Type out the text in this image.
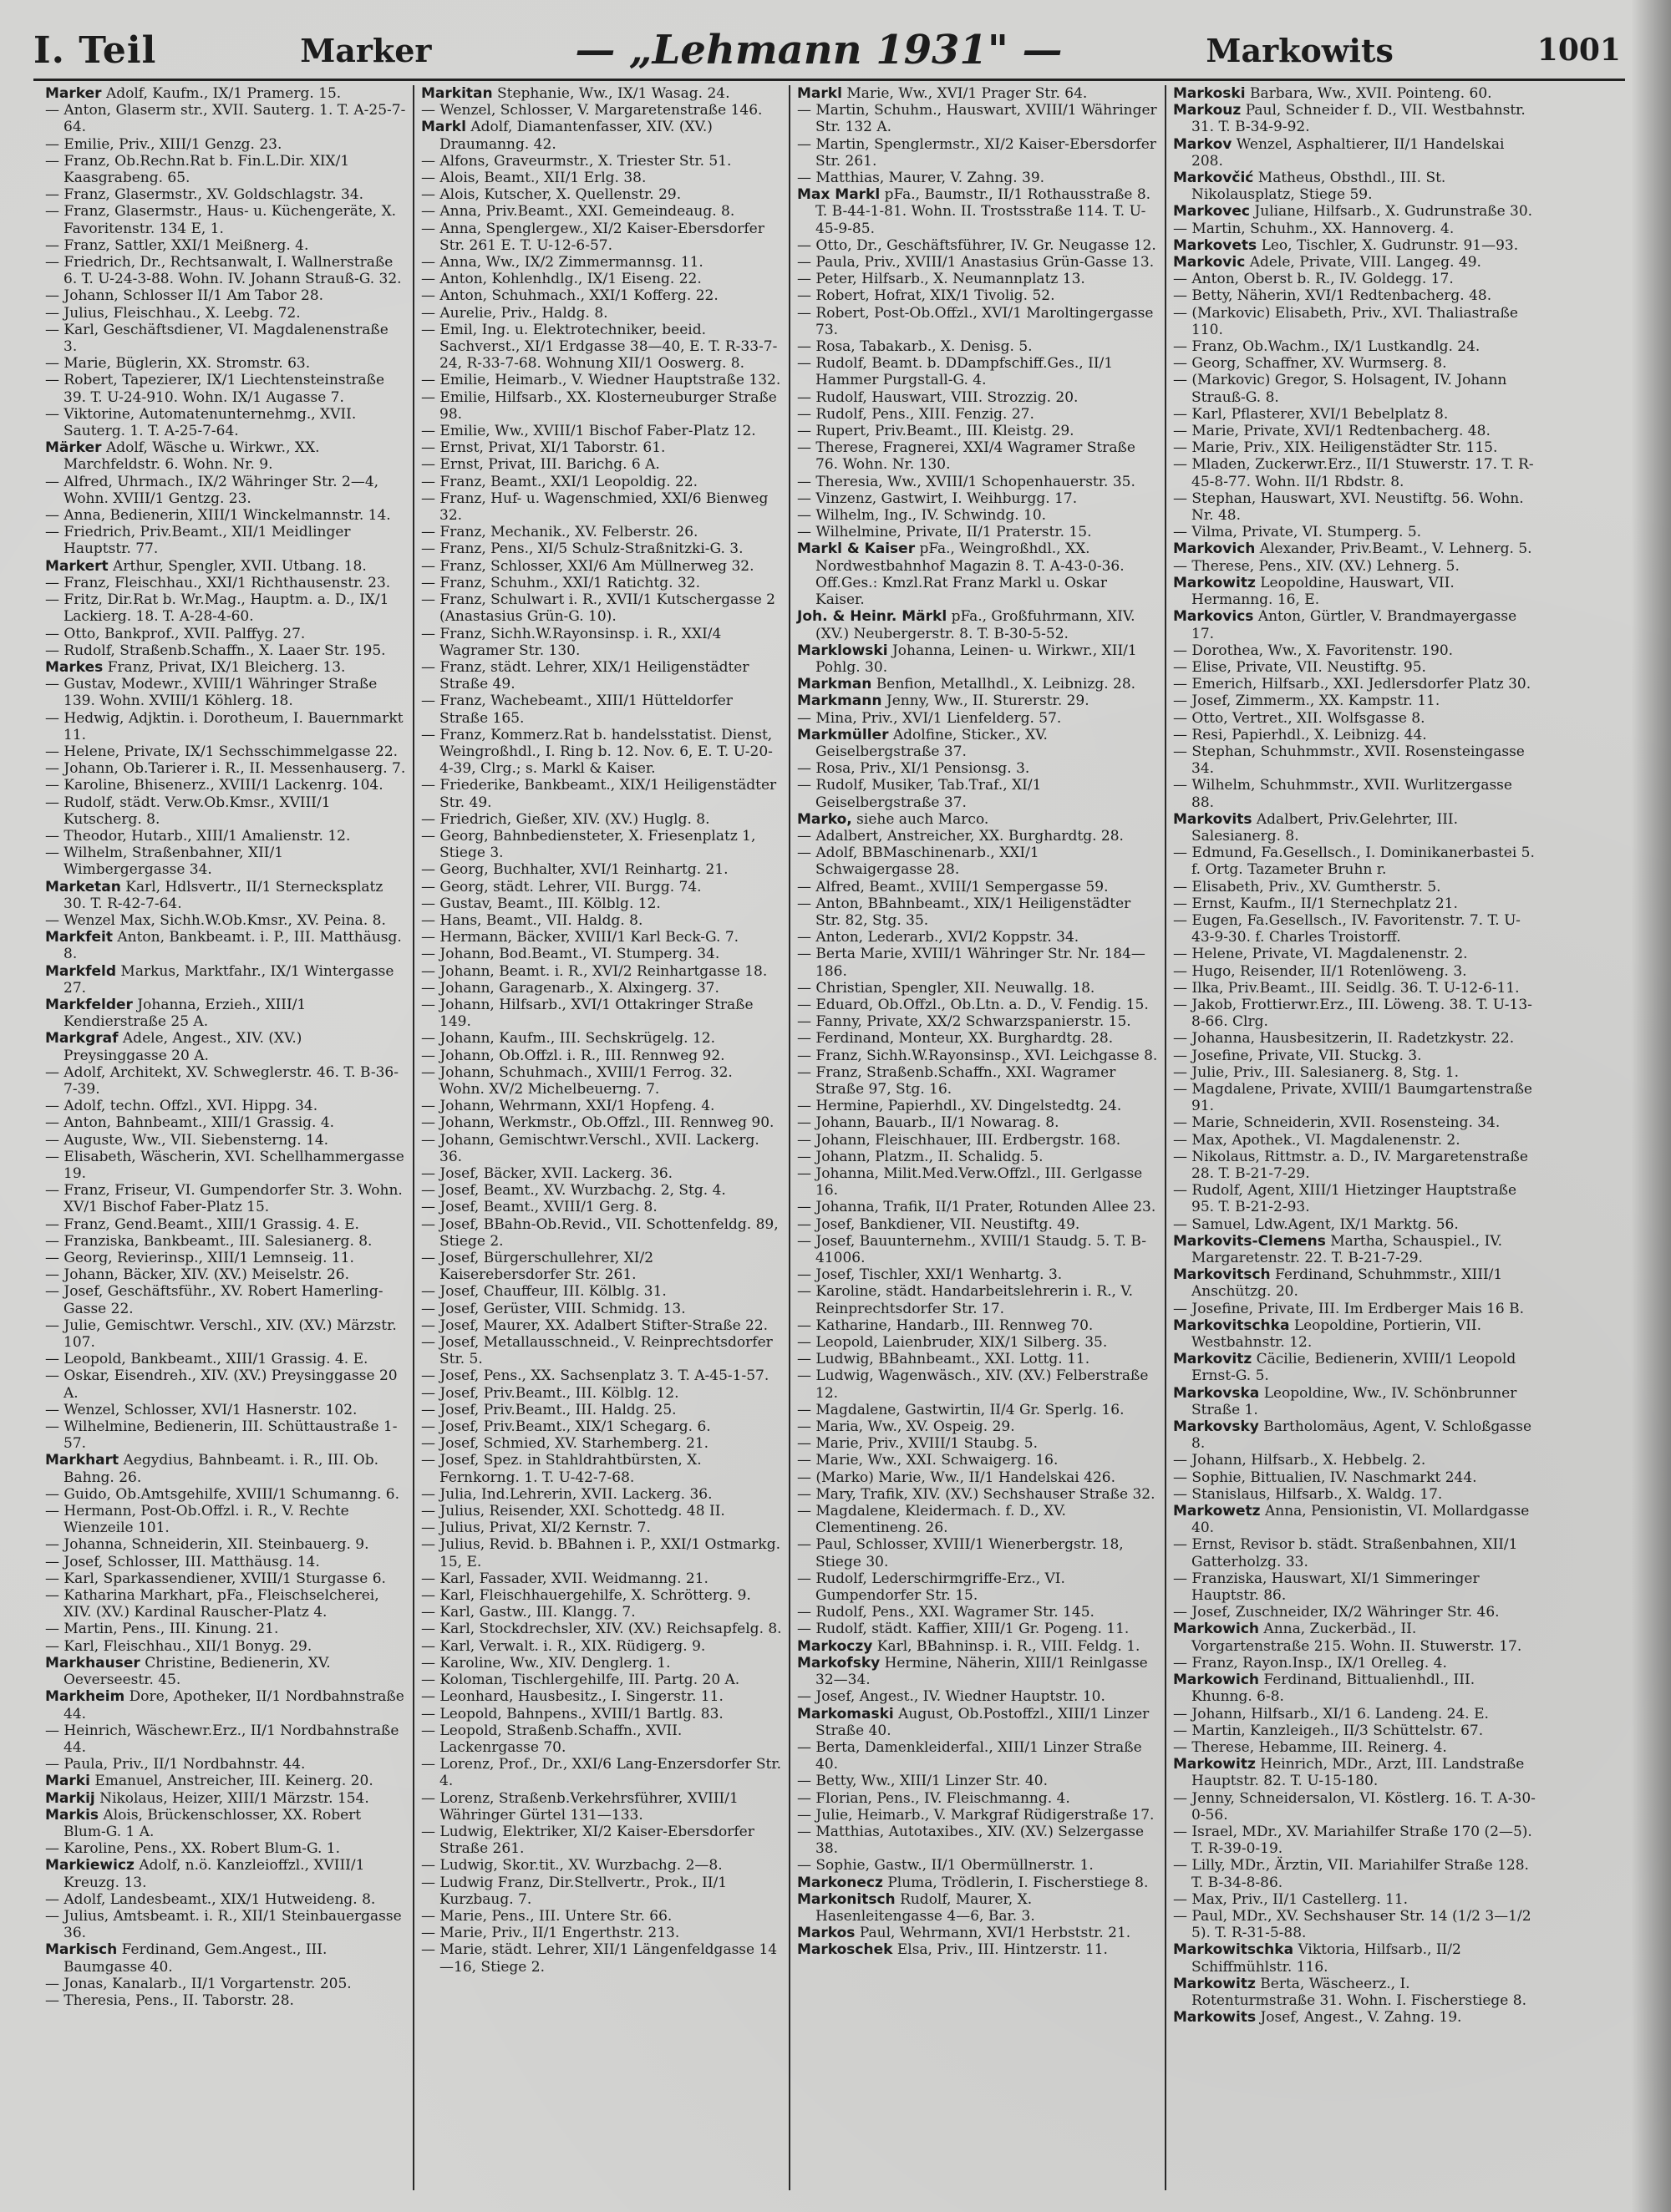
I. Teil	Marker	— „Lehmann 1931" —	Markowits	1001

Marker Adolf, Kaufm., IX/1 Pramerg. 15.

— Anton, Glaserm str., XVII. Sauterg. 1. T. A-25-7-64.

— Emilie, Priv., XIII/1 Genzg. 23.

— Franz, Ob.Rechn.Rat b. Fin.L.Dir. XIX/1 Kaasgrabeng. 65.

— Franz, Glasermstr., XV. Goldschlagstr. 34.

— Franz, Glasermstr., Haus- u. Küchengeräte, X. Favoritenstr. 134 E, 1.

— Franz, Sattler, XXI/1 Meißnerg. 4.

— Friedrich, Dr., Rechtsanwalt, I. Wallnerstraße 6. T. U-24-3-88. Wohn. IV. Johann Strauß-G. 32.

— Johann, Schlosser II/1 Am Tabor 28.

— Julius, Fleischhau., X. Leebg. 72.

— Karl, Geschäftsdiener, VI. Magdalenenstraße 3.

— Marie, Büglerin, XX. Stromstr. 63.

— Robert, Tapezierer, IX/1 Liechtensteinstraße 39. T. U-24-910. Wohn. IX/1 Augasse 7.

— Viktorine, Automatenunternehmg., XVII. Sauterg. 1. T. A-25-7-64.

Märker Adolf, Wäsche u. Wirkwr., XX. Marchfeldstr. 6. Wohn. Nr. 9.

— Alfred, Uhrmach., IX/2 Währinger Str. 2—4, Wohn. XVIII/1 Gentzg. 23.

— Anna, Bedienerin, XIII/1 Winckelmannstr. 14.

— Friedrich, Priv.Beamt., XII/1 Meidlinger Hauptstr. 77.

Markert Arthur, Spengler, XVII. Utbang. 18.

— Franz, Fleischhau., XXI/1 Richthausenstr. 23.

— Fritz, Dir.Rat b. Wr.Mag., Hauptm. a. D., IX/1 Lackierg. 18. T. A-28-4-60.

— Otto, Bankprof., XVII. Palffyg. 27.

— Rudolf, Straßenb.Schaffn., X. Laaer Str. 195.

Markes Franz, Privat, IX/1 Bleicherg. 13.

— Gustav, Modewr., XVIII/1 Währinger Straße 139. Wohn. XVIII/1 Köhlerg. 18.

— Hedwig, Adjktin. i. Dorotheum, I. Bauernmarkt 11.

— Helene, Private, IX/1 Sechsschimmelgasse 22.

— Johann, Ob.Tarierer i. R., II. Messenhauserg. 7.

— Karoline, Bhisenerz., XVIII/1 Lackenrg. 104.

— Rudolf, städt. Verw.Ob.Kmsr., XVIII/1 Kutscherg. 8.

— Theodor, Hutarb., XIII/1 Amalienstr. 12.

— Wilhelm, Straßenbahner, XII/1 Wimbergergasse 34.

Marketan Karl, Hdlsvertr., II/1 Sternecksplatz 30. T. R-42-7-64.

— Wenzel Max, Sichh.W.Ob.Kmsr., XV. Peina. 8.

Markfeit Anton, Bankbeamt. i. P., III. Matthäusg. 8.

Markfeld Markus, Marktfahr., IX/1 Wintergasse 27.

Markfelder Johanna, Erzieh., XIII/1 Kendierstraße 25 A.

Markgraf Adele, Angest., XIV. (XV.) Preysinggasse 20 A.

— Adolf, Architekt, XV. Schweglerstr. 46. T. B-36-7-39.

— Adolf, techn. Offzl., XVI. Hippg. 34.

— Anton, Bahnbeamt., XIII/1 Grassig. 4.

— Auguste, Ww., VII. Siebensterng. 14.

— Elisabeth, Wäscherin, XVI. Schellhammergasse 19.

— Franz, Friseur, VI. Gumpendorfer Str. 3. Wohn. XV/1 Bischof Faber-Platz 15.

— Franz, Gend.Beamt., XIII/1 Grassig. 4. E.

— Franziska, Bankbeamt., III. Salesianerg. 8.

— Georg, Revierinsp., XIII/1 Lemnseig. 11.

— Johann, Bäcker, XIV. (XV.) Meiselstr. 26.

— Josef, Geschäftsführ., XV. Robert Hamerling-Gasse 22.

— Julie, Gemischtwr. Verschl., XIV. (XV.) Märzstr. 107.

— Leopold, Bankbeamt., XIII/1 Grassig. 4. E.

— Oskar, Eisendreh., XIV. (XV.) Preysinggasse 20 A.

— Wenzel, Schlosser, XVI/1 Hasnerstr. 102.

— Wilhelmine, Bedienerin, III. Schüttaustraße 1-57.

Markhart Aegydius, Bahnbeamt. i. R., III. Ob. Bahng. 26.

— Guido, Ob.Amtsgehilfe, XVIII/1 Schumanng. 6.

— Hermann, Post-Ob.Offzl. i. R., V. Rechte Wienzeile 101.

— Johanna, Schneiderin, XII. Steinbauerg. 9.

— Josef, Schlosser, III. Matthäusg. 14.

— Karl, Sparkassendiener, XVIII/1 Sturgasse 6.

— Katharina Markhart, pFa., Fleischselcherei, XIV. (XV.) Kardinal Rauscher-Platz 4.

— Martin, Pens., III. Kinung. 21.

— Karl, Fleischhau., XII/1 Bonyg. 29.

Markhauser Christine, Bedienerin, XV. Oeverseestr. 45.

Markheim Dore, Apotheker, II/1 Nordbahnstraße 44.

— Heinrich, Wäschewr.Erz., II/1 Nordbahnstraße 44.

— Paula, Priv., II/1 Nordbahnstr. 44.

Marki Emanuel, Anstreicher, III. Keinerg. 20.

Markij Nikolaus, Heizer, XIII/1 Märzstr. 154.

Markis Alois, Brückenschlosser, XX. Robert Blum-G. 1 A.

— Karoline, Pens., XX. Robert Blum-G. 1.

Markiewicz Adolf, n.ö. Kanzleioffzl., XVIII/1 Kreuzg. 13.

— Adolf, Landesbeamt., XIX/1 Hutweideng. 8.

— Julius, Amtsbeamt. i. R., XII/1 Steinbauergasse 36.

Markisch Ferdinand, Gem.Angest., III. Baumgasse 40.

— Jonas, Kanalarb., II/1 Vorgartenstr. 205.

— Theresia, Pens., II. Taborstr. 28.

Markitan Stephanie, Ww., IX/1 Wasag. 24.

— Wenzel, Schlosser, V. Margaretenstraße 146.

Markl Adolf, Diamantenfasser, XIV. (XV.) Draumanng. 42.

— Alfons, Graveurmstr., X. Triester Str. 51.

— Alois, Beamt., XII/1 Erlg. 38.

— Alois, Kutscher, X. Quellenstr. 29.

— Anna, Priv.Beamt., XXI. Gemeindeaug. 8.

— Anna, Spenglergew., XI/2 Kaiser-Ebersdorfer Str. 261 E. T. U-12-6-57.

— Anna, Ww., IX/2 Zimmermannsg. 11.

— Anton, Kohlenhdlg., IX/1 Eiseng. 22.

— Anton, Schuhmach., XXI/1 Kofferg. 22.

— Aurelie, Priv., Haldg. 8.

— Emil, Ing. u. Elektrotechniker, beeid. Sachverst., XI/1 Erdgasse 38—40, E. T. R-33-7-24, R-33-7-68. Wohnung XII/1 Ooswerg. 8.

— Emilie, Heimarb., V. Wiedner Hauptstraße 132.

— Emilie, Hilfsarb., XX. Klosterneuburger Straße 98.

— Emilie, Ww., XVIII/1 Bischof Faber-Platz 12.

— Ernst, Privat, XI/1 Taborstr. 61.

— Ernst, Privat, III. Barichg. 6 A.

— Franz, Beamt., XXI/1 Leopoldig. 22.

— Franz, Huf- u. Wagenschmied, XXI/6 Bienweg 32.

— Franz, Mechanik., XV. Felberstr. 26.

— Franz, Pens., XI/5 Schulz-Straßnitzki-G. 3.

— Franz, Schlosser, XXI/6 Am Müllnerweg 32.

— Franz, Schuhm., XXI/1 Ratichtg. 32.

— Franz, Schulwart i. R., XVII/1 Kutschergasse 2 (Anastasius Grün-G. 10).

— Franz, Sichh.W.Rayonsinsp. i. R., XXI/4 Wagramer Str. 130.

— Franz, städt. Lehrer, XIX/1 Heiligenstädter Straße 49.

— Franz, Wachebeamt., XIII/1 Hütteldorfer Straße 165.

— Franz, Kommerz.Rat b. handelsstatist. Dienst, Weingroßhdl., I. Ring b. 12. Nov. 6, E. T. U-20-4-39, Clrg.; s. Markl & Kaiser.

— Friederike, Bankbeamt., XIX/1 Heiligenstädter Str. 49.

— Friedrich, Gießer, XIV. (XV.) Huglg. 8.

— Georg, Bahnbediensteter, X. Friesenplatz 1, Stiege 3.

— Georg, Buchhalter, XVI/1 Reinhartg. 21.

— Georg, städt. Lehrer, VII. Burgg. 74.

— Gustav, Beamt., III. Kölblg. 12.

— Hans, Beamt., VII. Haldg. 8.

— Hermann, Bäcker, XVIII/1 Karl Beck-G. 7.

— Johann, Bod.Beamt., VI. Stumperg. 34.

— Johann, Beamt. i. R., XVI/2 Reinhartgasse 18.

— Johann, Garagenarb., X. Alxingerg. 37.

— Johann, Hilfsarb., XVI/1 Ottakringer Straße 149.

— Johann, Kaufm., III. Sechskrügelg. 12.

— Johann, Ob.Offzl. i. R., III. Rennweg 92.

— Johann, Schuhmach., XVIII/1 Ferrog. 32. Wohn. XV/2 Michelbeuerng. 7.

— Johann, Wehrmann, XXI/1 Hopfeng. 4.

— Johann, Werkmstr., Ob.Offzl., III. Rennweg 90.

— Johann, Gemischtwr.Verschl., XVII. Lackerg. 36.

— Josef, Bäcker, XVII. Lackerg. 36.

— Josef, Beamt., XV. Wurzbachg. 2, Stg. 4.

— Josef, Beamt., XVIII/1 Gerg. 8.

— Josef, BBahn-Ob.Revid., VII. Schottenfeldg. 89, Stiege 2.

— Josef, Bürgerschullehrer, XI/2 Kaiserebersdorfer Str. 261.

— Josef, Chauffeur, III. Kölblg. 31.

— Josef, Gerüster, VIII. Schmidg. 13.

— Josef, Maurer, XX. Adalbert Stifter-Straße 22.

— Josef, Metallausschneid., V. Reinprechtsdorfer Str. 5.

— Josef, Pens., XX. Sachsenplatz 3. T. A-45-1-57.

— Josef, Priv.Beamt., III. Kölblg. 12.

— Josef, Priv.Beamt., III. Haldg. 25.

— Josef, Priv.Beamt., XIX/1 Schegarg. 6.

— Josef, Schmied, XV. Starhemberg. 21.

— Josef, Spez. in Stahldrahtbürsten, X. Fernkorng. 1. T. U-42-7-68.

— Julia, Ind.Lehrerin, XVII. Lackerg. 36.

— Julius, Reisender, XXI. Schottedg. 48 II.

— Julius, Privat, XI/2 Kernstr. 7.

— Julius, Revid. b. BBahnen i. P., XXI/1 Ostmarkg. 15, E.

— Karl, Fassader, XVII. Weidmanng. 21.

— Karl, Fleischhauergehilfe, X. Schrötterg. 9.

— Karl, Gastw., III. Klangg. 7.

— Karl, Stockdrechsler, XIV. (XV.) Reichsapfelg. 8.

— Karl, Verwalt. i. R., XIX. Rüdigerg. 9.

— Karoline, Ww., XIV. Denglerg. 1.

— Koloman, Tischlergehilfe, III. Partg. 20 A.

— Leonhard, Hausbesitz., I. Singerstr. 11.

— Leopold, Bahnpens., XVIII/1 Bartlg. 83.

— Leopold, Straßenb.Schaffn., XVII. Lackenrgasse 70.

— Lorenz, Prof., Dr., XXI/6 Lang-Enzersdorfer Str. 4.

— Lorenz, Straßenb.Verkehrsführer, XVIII/1 Währinger Gürtel 131—133.

— Ludwig, Elektriker, XI/2 Kaiser-Ebersdorfer Straße 261.

— Ludwig, Skor.tit., XV. Wurzbachg. 2—8.

— Ludwig Franz, Dir.Stellvertr., Prok., II/1 Kurzbaug. 7.

— Marie, Pens., III. Untere Str. 66.

— Marie, Priv., II/1 Engerthstr. 213.

— Marie, städt. Lehrer, XII/1 Längenfeldgasse 14—16, Stiege 2.

Markl Marie, Ww., XVI/1 Prager Str. 64.

— Martin, Schuhm., Hauswart, XVIII/1 Währinger Str. 132 A.

— Martin, Spenglermstr., XI/2 Kaiser-Ebersdorfer Str. 261.

— Matthias, Maurer, V. Zahng. 39.

Max Markl pFa., Baumstr., II/1 Rothausstraße 8. T. B-44-1-81. Wohn. II. Trostsstraße 114. T. U-45-9-85.

— Otto, Dr., Geschäftsführer, IV. Gr. Neugasse 12.

— Paula, Priv., XVIII/1 Anastasius Grün-Gasse 13.

— Peter, Hilfsarb., X. Neumannplatz 13.

— Robert, Hofrat, XIX/1 Tivolig. 52.

— Robert, Post-Ob.Offzl., XVI/1 Maroltingergasse 73.

— Rosa, Tabakarb., X. Denisg. 5.

— Rudolf, Beamt. b. DDampfschiff.Ges., II/1 Hammer Purgstall-G. 4.

— Rudolf, Hauswart, VIII. Strozzig. 20.

— Rudolf, Pens., XIII. Fenzig. 27.

— Rupert, Priv.Beamt., III. Kleistg. 29.

— Therese, Fragnerei, XXI/4 Wagramer Straße 76. Wohn. Nr. 130.

— Theresia, Ww., XVIII/1 Schopenhauerstr. 35.

— Vinzenz, Gastwirt, I. Weihburgg. 17.

— Wilhelm, Ing., IV. Schwindg. 10.

— Wilhelmine, Private, II/1 Praterstr. 15.

Markl & Kaiser pFa., Weingroßhdl., XX. Nordwestbahnhof Magazin 8. T. A-43-0-36. Off.Ges.: Kmzl.Rat Franz Markl u. Oskar Kaiser.

Joh. & Heinr. Märkl pFa., Großfuhrmann, XIV. (XV.) Neubergerstr. 8. T. B-30-5-52.

Marklowski Johanna, Leinen- u. Wirkwr., XII/1 Pohlg. 30.

Markman Benfion, Metallhdl., X. Leibnizg. 28.

Markmann Jenny, Ww., II. Sturerstr. 29.

— Mina, Priv., XVI/1 Lienfelderg. 57.

Markmüller Adolfine, Sticker., XV. Geiselbergstraße 37.

— Rosa, Priv., XI/1 Pensionsg. 3.

— Rudolf, Musiker, Tab.Traf., XI/1 Geiselbergstraße 37.

Marko, siehe auch Marco.

— Adalbert, Anstreicher, XX. Burghardtg. 28.

— Adolf, BBMaschinenarb., XXI/1 Schwaigergasse 28.

— Alfred, Beamt., XVIII/1 Sempergasse 59.

— Anton, BBahnbeamt., XIX/1 Heiligenstädter Str. 82, Stg. 35.

— Anton, Lederarb., XVI/2 Koppstr. 34.

— Berta Marie, XVIII/1 Währinger Str. Nr. 184—186.

— Christian, Spengler, XII. Neuwallg. 18.

— Eduard, Ob.Offzl., Ob.Ltn. a. D., V. Fendig. 15.

— Fanny, Private, XX/2 Schwarzspanierstr. 15.

— Ferdinand, Monteur, XX. Burghardtg. 28.

— Franz, Sichh.W.Rayonsinsp., XVI. Leichgasse 8.

— Franz, Straßenb.Schaffn., XXI. Wagramer Straße 97, Stg. 16.

— Hermine, Papierhdl., XV. Dingelstedtg. 24.

— Johann, Bauarb., II/1 Nowarag. 8.

— Johann, Fleischhauer, III. Erdbergstr. 168.

— Johann, Platzm., II. Schalidg. 5.

— Johanna, Milit.Med.Verw.Offzl., III. Gerlgasse 16.

— Johanna, Trafik, II/1 Prater, Rotunden Allee 23.

— Josef, Bankdiener, VII. Neustiftg. 49.

— Josef, Bauunternehm., XVIII/1 Staudg. 5. T. B-41006.

— Josef, Tischler, XXI/1 Wenhartg. 3.

— Karoline, städt. Handarbeitslehrerin i. R., V. Reinprechtsdorfer Str. 17.

— Katharine, Handarb., III. Rennweg 70.

— Leopold, Laienbruder, XIX/1 Silberg. 35.

— Ludwig, BBahnbeamt., XXI. Lottg. 11.

— Ludwig, Wagenwäsch., XIV. (XV.) Felberstraße 12.

— Magdalene, Gastwirtin, II/4 Gr. Sperlg. 16.

— Maria, Ww., XV. Ospeig. 29.

— Marie, Priv., XVIII/1 Staubg. 5.

— Marie, Ww., XXI. Schwaigerg. 16.

— (Marko) Marie, Ww., II/1 Handelskai 426.

— Mary, Trafik, XIV. (XV.) Sechshauser Straße 32.

— Magdalene, Kleidermach. f. D., XV. Clementineng. 26.

— Paul, Schlosser, XVIII/1 Wienerbergstr. 18, Stiege 30.

— Rudolf, Lederschirmgriffe-Erz., VI. Gumpendorfer Str. 15.

— Rudolf, Pens., XXI. Wagramer Str. 145.

— Rudolf, städt. Kaffier, XIII/1 Gr. Pogeng. 11.

Markoczy Karl, BBahninsp. i. R., VIII. Feldg. 1.

Markofsky Hermine, Näherin, XIII/1 Reinlgasse 32—34.

— Josef, Angest., IV. Wiedner Hauptstr. 10.

Markomaski August, Ob.Postoffzl., XIII/1 Linzer Straße 40.

— Berta, Damenkleiderfal., XIII/1 Linzer Straße 40.

— Betty, Ww., XIII/1 Linzer Str. 40.

— Florian, Pens., IV. Fleischmanng. 4.

— Julie, Heimarb., V. Markgraf Rüdigerstraße 17.

— Matthias, Autotaxibes., XIV. (XV.) Selzergasse 38.

— Sophie, Gastw., II/1 Obermüllnerstr. 1.

Markonecz Pluma, Trödlerin, I. Fischerstiege 8.

Markonitsch Rudolf, Maurer, X. Hasenleitengasse 4—6, Bar. 3.

Markos Paul, Wehrmann, XVI/1 Herbststr. 21.

Markoschek Elsa, Priv., III. Hintzerstr. 11.

Markoski Barbara, Ww., XVII. Pointeng. 60.

Markouz Paul, Schneider f. D., VII. Westbahnstr. 31. T. B-34-9-92.

Markov Wenzel, Asphaltierer, II/1 Handelskai 208.

Markovčić Matheus, Obsthdl., III. St. Nikolausplatz, Stiege 59.

Markovec Juliane, Hilfsarb., X. Gudrunstraße 30.

— Martin, Schuhm., XX. Hannoverg. 4.

Markovets Leo, Tischler, X. Gudrunstr. 91—93.

Markovic Adele, Private, VIII. Langeg. 49.

— Anton, Oberst b. R., IV. Goldegg. 17.

— Betty, Näherin, XVI/1 Redtenbacherg. 48.

— (Markovic) Elisabeth, Priv., XVI. Thaliastraße 110.

— Franz, Ob.Wachm., IX/1 Lustkandlg. 24.

— Georg, Schaffner, XV. Wurmserg. 8.

— (Markovic) Gregor, S. Holsagent, IV. Johann Strauß-G. 8.

— Karl, Pflasterer, XVI/1 Bebelplatz 8.

— Marie, Private, XVI/1 Redtenbacherg. 48.

— Marie, Priv., XIX. Heiligenstädter Str. 115.

— Mladen, Zuckerwr.Erz., II/1 Stuwerstr. 17. T. R-45-8-77. Wohn. II/1 Rbdstr. 8.

— Stephan, Hauswart, XVI. Neustiftg. 56. Wohn. Nr. 48.

— Vilma, Private, VI. Stumperg. 5.

Markovich Alexander, Priv.Beamt., V. Lehnerg. 5.

— Therese, Pens., XIV. (XV.) Lehnerg. 5.

Markowitz Leopoldine, Hauswart, VII. Hermanng. 16, E.

Markovics Anton, Gürtler, V. Brandmayergasse 17.

— Dorothea, Ww., X. Favoritenstr. 190.

— Elise, Private, VII. Neustiftg. 95.

— Emerich, Hilfsarb., XXI. Jedlersdorfer Platz 30.

— Josef, Zimmerm., XX. Kampstr. 11.

— Otto, Vertret., XII. Wolfsgasse 8.

— Resi, Papierhdl., X. Leibnizg. 44.

— Stephan, Schuhmmstr., XVII. Rosensteingasse 34.

— Wilhelm, Schuhmmstr., XVII. Wurlitzergasse 88.

Markovits Adalbert, Priv.Gelehrter, III. Salesianerg. 8.

— Edmund, Fa.Gesellsch., I. Dominikanerbastei 5. f. Ortg. Tazameter Bruhn r.

— Elisabeth, Priv., XV. Gumtherstr. 5.

— Ernst, Kaufm., II/1 Sternechplatz 21.

— Eugen, Fa.Gesellsch., IV. Favoritenstr. 7. T. U-43-9-30. f. Charles Troistorff.

— Helene, Private, VI. Magdalenenstr. 2.

— Hugo, Reisender, II/1 Rotenlöweng. 3.

— Ilka, Priv.Beamt., III. Seidlg. 36. T. U-12-6-11.

— Jakob, Frottierwr.Erz., III. Löweng. 38. T. U-13-8-66. Clrg.

— Johanna, Hausbesitzerin, II. Radetzkystr. 22.

— Josefine, Private, VII. Stuckg. 3.

— Julie, Priv., III. Salesianerg. 8, Stg. 1.

— Magdalene, Private, XVIII/1 Baumgartenstraße 91.

— Marie, Schneiderin, XVII. Rosensteing. 34.

— Max, Apothek., VI. Magdalenenstr. 2.

— Nikolaus, Rittmstr. a. D., IV. Margaretenstraße 28. T. B-21-7-29.

— Rudolf, Agent, XIII/1 Hietzinger Hauptstraße 95. T. B-21-2-93.

— Samuel, Ldw.Agent, IX/1 Marktg. 56.

Markovits-Clemens Martha, Schauspiel., IV. Margaretenstr. 22. T. B-21-7-29.

Markovitsch Ferdinand, Schuhmmstr., XIII/1 Anschützg. 20.

— Josefine, Private, III. Im Erdberger Mais 16 B.

Markovitschka Leopoldine, Portierin, VII. Westbahnstr. 12.

Markovitz Cäcilie, Bedienerin, XVIII/1 Leopold Ernst-G. 5.

Markovska Leopoldine, Ww., IV. Schönbrunner Straße 1.

Markovsky Bartholomäus, Agent, V. Schloßgasse 8.

— Johann, Hilfsarb., X. Hebbelg. 2.

— Sophie, Bittualien, IV. Naschmarkt 244.

— Stanislaus, Hilfsarb., X. Waldg. 17.

Markowetz Anna, Pensionistin, VI. Mollardgasse 40.

— Ernst, Revisor b. städt. Straßenbahnen, XII/1 Gatterholzg. 33.

— Franziska, Hauswart, XI/1 Simmeringer Hauptstr. 86.

— Josef, Zuschneider, IX/2 Währinger Str. 46.

Markowich Anna, Zuckerbäd., II. Vorgartenstraße 215. Wohn. II. Stuwerstr. 17.

— Franz, Rayon.Insp., IX/1 Orelleg. 4.

Markowich Ferdinand, Bittualienhdl., III. Khunng. 6-8.

— Johann, Hilfsarb., XI/1 6. Landeng. 24. E.

— Martin, Kanzleigeh., II/3 Schüttelstr. 67.

— Therese, Hebamme, III. Reinerg. 4.

Markowitz Heinrich, MDr., Arzt, III. Landstraße Hauptstr. 82. T. U-15-180.

— Jenny, Schneidersalon, VI. Köstlerg. 16. T. A-30-0-56.

— Israel, MDr., XV. Mariahilfer Straße 170 (2—5). T. R-39-0-19.

— Lilly, MDr., Ärztin, VII. Mariahilfer Straße 128. T. B-34-8-86.

— Max, Priv., II/1 Castellerg. 11.

— Paul, MDr., XV. Sechshauser Str. 14 (1/2 3—1/2 5). T. R-31-5-88.

Markowitschka Viktoria, Hilfsarb., II/2 Schiffmühlstr. 116.

Markowitz Berta, Wäscheerz., I. Rotenturmstraße 31. Wohn. I. Fischerstiege 8.

Markowits Josef, Angest., V. Zahng. 19.
